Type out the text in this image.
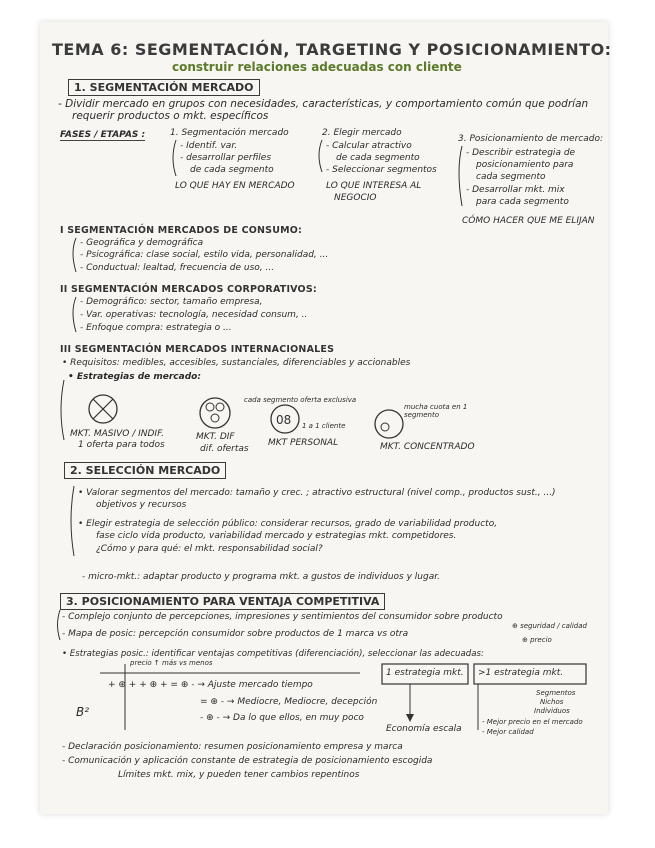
TEMA 6: SEGMENTACIÓN, TARGETING Y POSICIONAMIENTO:
construir relaciones adecuadas con cliente
1. SEGMENTACIÓN MERCADO
- Dividir mercado en grupos con necesidades, características, y comportamiento común que podrían
requerir productos o mkt. específicos
FASES / ETAPAS :	1. Segmentación mercado
- Identif. var.
- desarrollar perfiles
de cada segmento
LO QUE HAY EN MERCADO
2. Elegir mercado
- Calcular atractivo
de cada segmento
- Seleccionar segmentos
LO QUE INTERESA AL
NEGOCIO
3. Posicionamiento de mercado:
- Describir estrategia de
posicionamiento para
cada segmento
- Desarrollar mkt. mix
para cada segmento
CÓMO HACER QUE ME ELIJAN
I SEGMENTACIÓN MERCADOS DE CONSUMO:
- Geográfica y demográfica
- Psicográfica: clase social, estilo vida, personalidad, ...
- Conductual: lealtad, frecuencia de uso, ...
II SEGMENTACIÓN MERCADOS CORPORATIVOS:
- Demográfico: sector, tamaño empresa,
- Var. operativas: tecnología, necesidad consum, ..
- Enfoque compra: estrategia o ...
III SEGMENTACIÓN MERCADOS INTERNACIONALES
• Requisitos: medibles, accesibles, sustanciales, diferenciables y accionables
• Estrategias de mercado:
08
cada segmento oferta exclusiva
1 a 1 cliente
mucha cuota en 1 segmento
MKT. MASIVO / INDIF.
1 oferta para todos
MKT. DIF
dif. ofertas
MKT PERSONAL	MKT. CONCENTRADO
2. SELECCIÓN MERCADO
• Valorar segmentos del mercado: tamaño y crec. ; atractivo estructural (nivel comp., productos sust., ...)
objetivos y recursos
• Elegir estrategia de selección público: considerar recursos, grado de variabilidad producto,
fase ciclo vida producto, variabilidad mercado y estrategias mkt. competidores.
¿Cómo y para qué: el mkt. responsabilidad social?
- micro-mkt.: adaptar producto y programa mkt. a gustos de individuos y lugar.
3. POSICIONAMIENTO PARA VENTAJA COMPETITIVA
- Complejo conjunto de percepciones, impresiones y sentimientos del consumidor sobre producto
⊕ seguridad / calidad
- Mapa de posic: percepción consumidor sobre productos de 1 marca vs otra
⊕ precio
• Estrategias posic.: identificar ventajas competitivas (diferenciación), seleccionar las adecuadas:
precio ↑ más vs menos
+ ⊕ + + ⊕ + = ⊕ - → Ajuste mercado tiempo
= ⊕ - → Mediocre, Mediocre, decepción
- ⊕ - → Da lo que ellos, en muy poco
B²
1 estrategia mkt.
Economía escala
>1 estrategia mkt.
Segmentos
Nichos
Individuos
- Mejor precio en el mercado
- Mejor calidad
- Declaración posicionamiento: resumen posicionamiento empresa y marca
- Comunicación y aplicación constante de estrategia de posicionamiento escogida
Límites mkt. mix, y pueden tener cambios repentinos
